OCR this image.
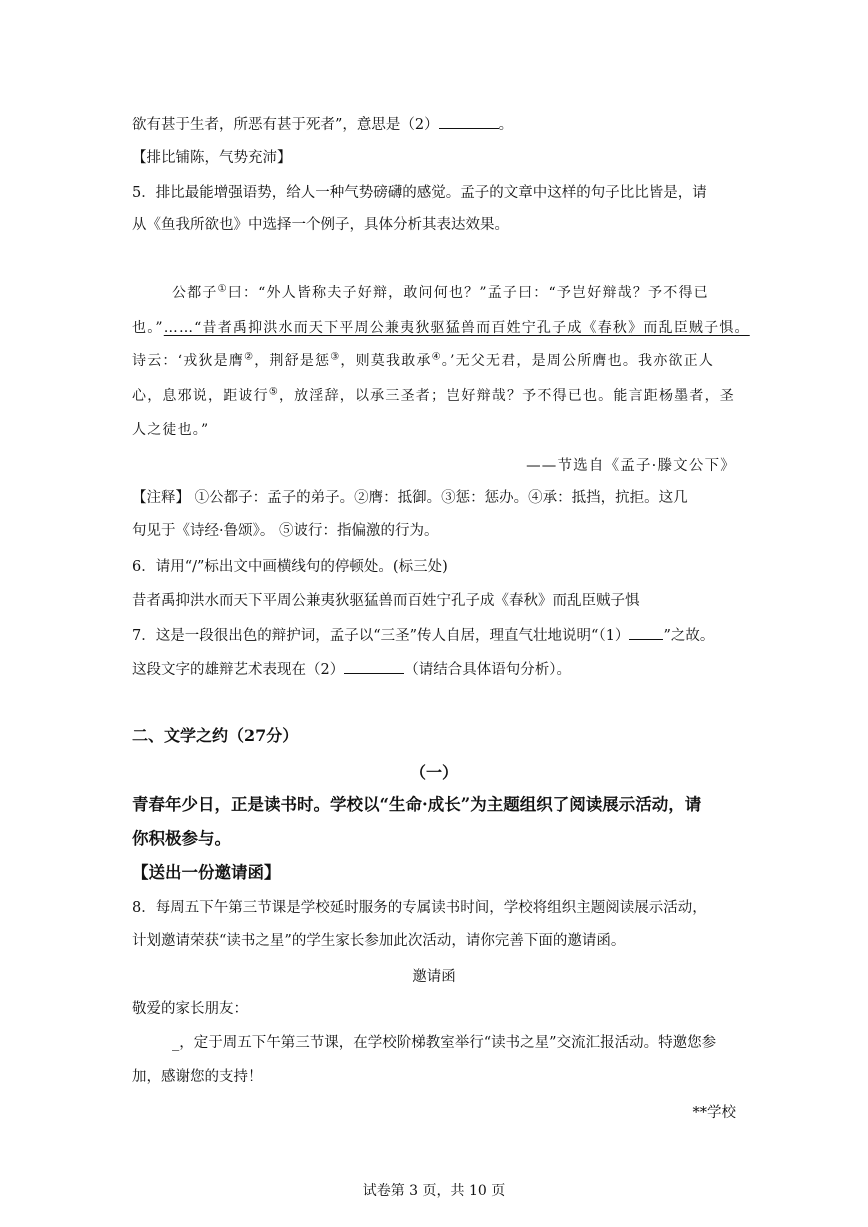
欲有甚于生者，所恶有甚于死者”，意思是（2）	。
【排比铺陈，气势充沛】
5．排比最能增强语势，给人一种气势磅礴的感觉。孟子的文章中这样的句子比比皆是，请
从《鱼我所欲也》中选择一个例子，具体分析其表达效果。
公都子①曰：“外人皆称夫子好辩，敢问何也？”孟子曰：“予岂好辩哉？予不得已
也。”……“昔者禹抑洪水而天下平周公兼夷狄驱猛兽而百姓宁孔子成《春秋》而乱臣贼子惧。
诗云：‘戎狄是膺②，荆舒是惩③，则莫我敢承④。’无父无君，是周公所膺也。我亦欲正人
心，息邪说，距诐行⑤，放淫辞，以承三圣者；岂好辩哉？予不得已也。能言距杨墨者，圣
人之徒也。”
——节选自《孟子·滕文公下》
【注释】 ①公都子：孟子的弟子。②膺：抵御。③惩：惩办。④承：抵挡，抗拒。这几
句见于《诗经·鲁颂》。 ⑤诐行：指偏激的行为。
6．请用“/”标出文中画横线句的停顿处。(标三处)
昔者禹抑洪水而天下平周公兼夷狄驱猛兽而百姓宁孔子成《春秋》而乱臣贼子惧
7．这是一段很出色的辩护词，孟子以“三圣”传人自居，理直气壮地说明“（1） ”之故。
这段文字的雄辩艺术表现在（2）	（请结合具体语句分析）。
二、文学之约（27分）
（一）
青春年少日，正是读书时。学校以“生命·成长”为主题组织了阅读展示活动，请
你积极参与。
【送出一份邀请函】
8．每周五下午第三节课是学校延时服务的专属读书时间，学校将组织主题阅读展示活动，
计划邀请荣获“读书之星”的学生家长参加此次活动，请你完善下面的邀请函。
邀请函
敬爱的家长朋友：
_，定于周五下午第三节课，在学校阶梯教室举行“读书之星”交流汇报活动。特邀您参
加，感谢您的支持！
**学校
试卷第 3 页，共 10 页
